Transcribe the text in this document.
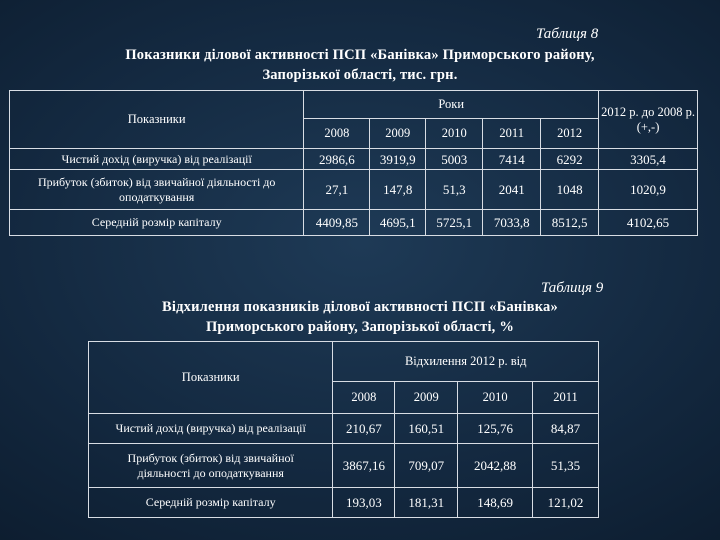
Таблиця 8
Показники ділової активності ПСП «Банівка» Приморського району,
Запорізької області, тис. грн.
Показники	Роки					2012 р. до 2008 р. (+,-)
	2008	2009	2010	2011	2012	
Чистий дохід (виручка) від реалізації	2986,6	3919,9	5003	7414	6292	3305,4
Прибуток (збиток) від звичайної діяльності до оподаткування	27,1	147,8	51,3	2041	1048	1020,9
Середній розмір капіталу	4409,85	4695,1	5725,1	7033,8	8512,5	4102,65
Таблиця 9
Відхилення показників ділової активності ПСП «Банівка»
Приморського району, Запорізької області, %
Показники	Відхилення 2012 р. від			
	2008	2009	2010	2011
Чистий дохід (виручка) від реалізації	210,67	160,51	125,76	84,87
Прибуток (збиток) від звичайної діяльності до оподаткування	3867,16	709,07	2042,88	51,35
Середній розмір капіталу	193,03	181,31	148,69	121,02
